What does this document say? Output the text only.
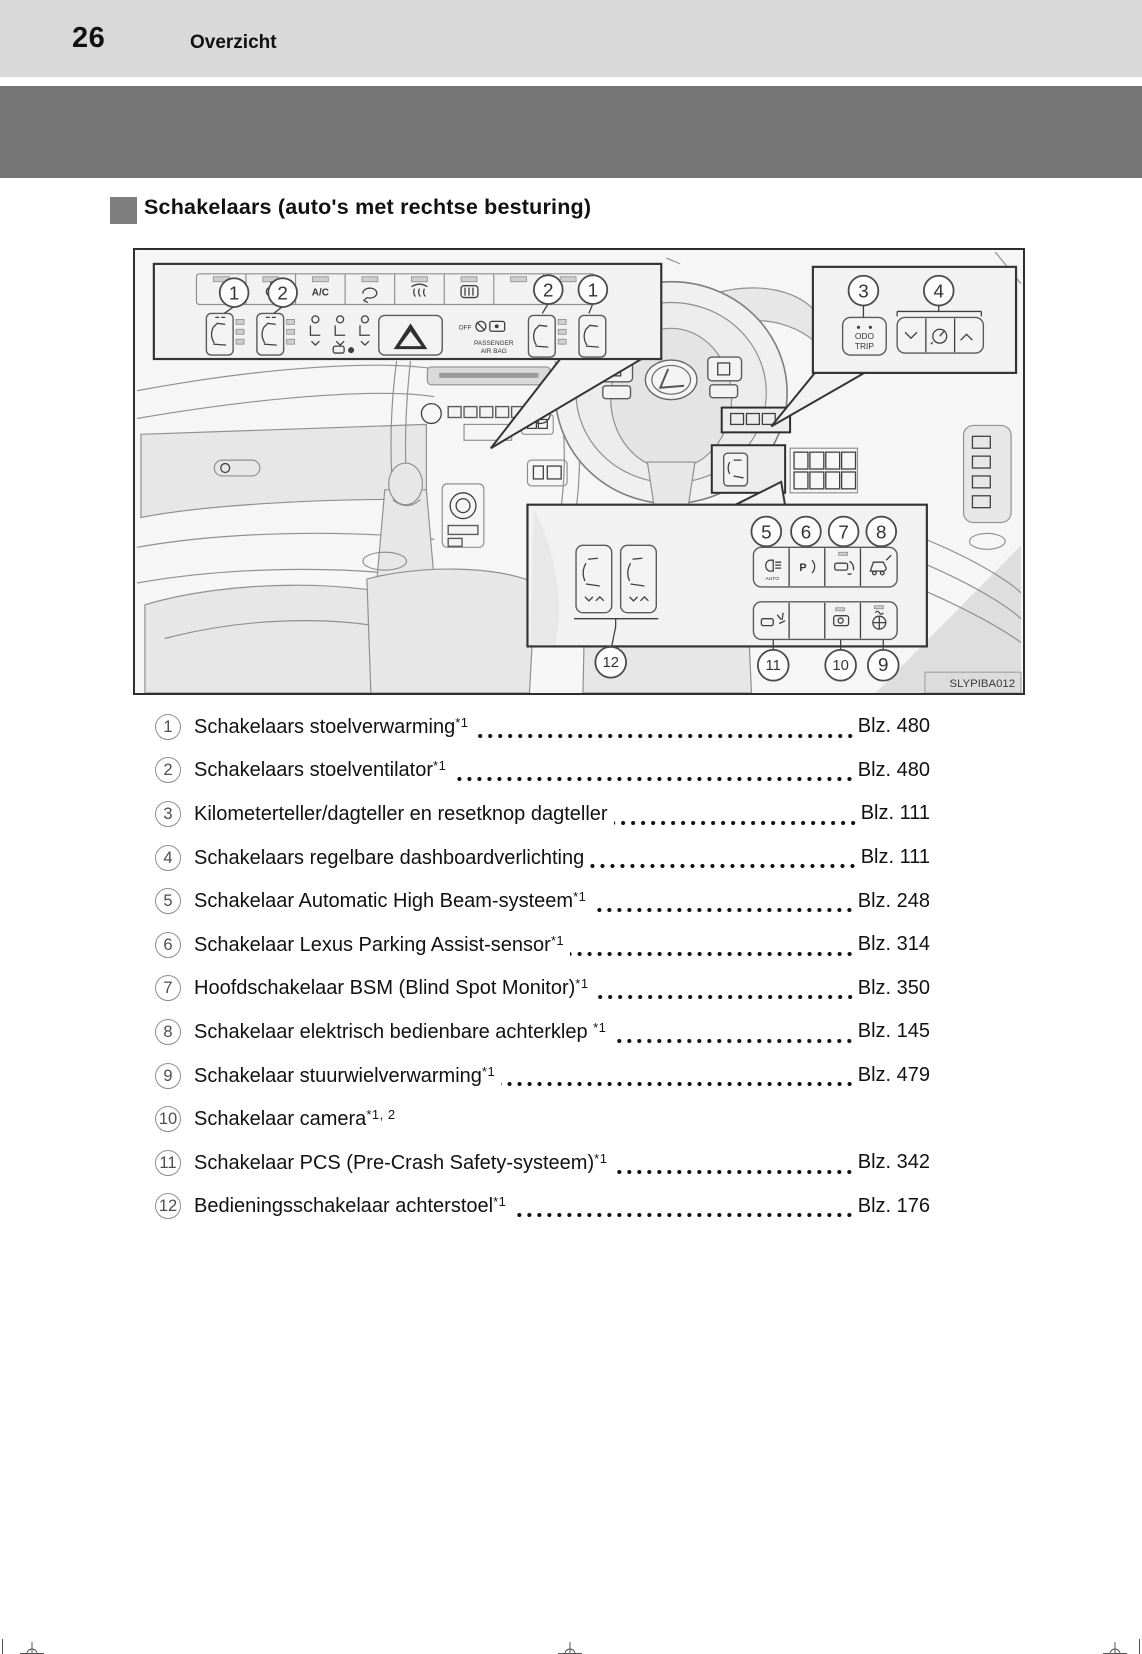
26	Overzicht
Schakelaars (auto's met rechtse besturing)
A/C
OFF
PASSENGER
AIR BAG
1 2	2 1	3	4
ODO
TRIP
5 6 7 8
AUTO
P
12	11	10 9
SLYPIBA012
1	Schakelaars stoelverwarming$^{*1}$	Blz. 480
2	Schakelaars stoelventilator$^{*1}$	Blz. 480
3	Kilometerteller/dagteller en resetknop dagteller	Blz. 111
4	Schakelaars regelbare dashboardverlichting	Blz. 111
5	Schakelaar Automatic High Beam-systeem$^{*1}$	Blz. 248
6	Schakelaar Lexus Parking Assist-sensor$^{*1}$	Blz. 314
7	Hoofdschakelaar BSM (Blind Spot Monitor)$^{*1}$	Blz. 350
8	Schakelaar elektrisch bedienbare achterklep $^{*1}$	Blz. 145
9	Schakelaar stuurwielverwarming$^{*1}$	Blz. 479
10 Schakelaar camera$^{*1, 2}$
11 Schakelaar PCS (Pre-Crash Safety-systeem)$^{*1}$	Blz. 342
12 Bedieningsschakelaar achterstoel$^{*1}$	Blz. 176
